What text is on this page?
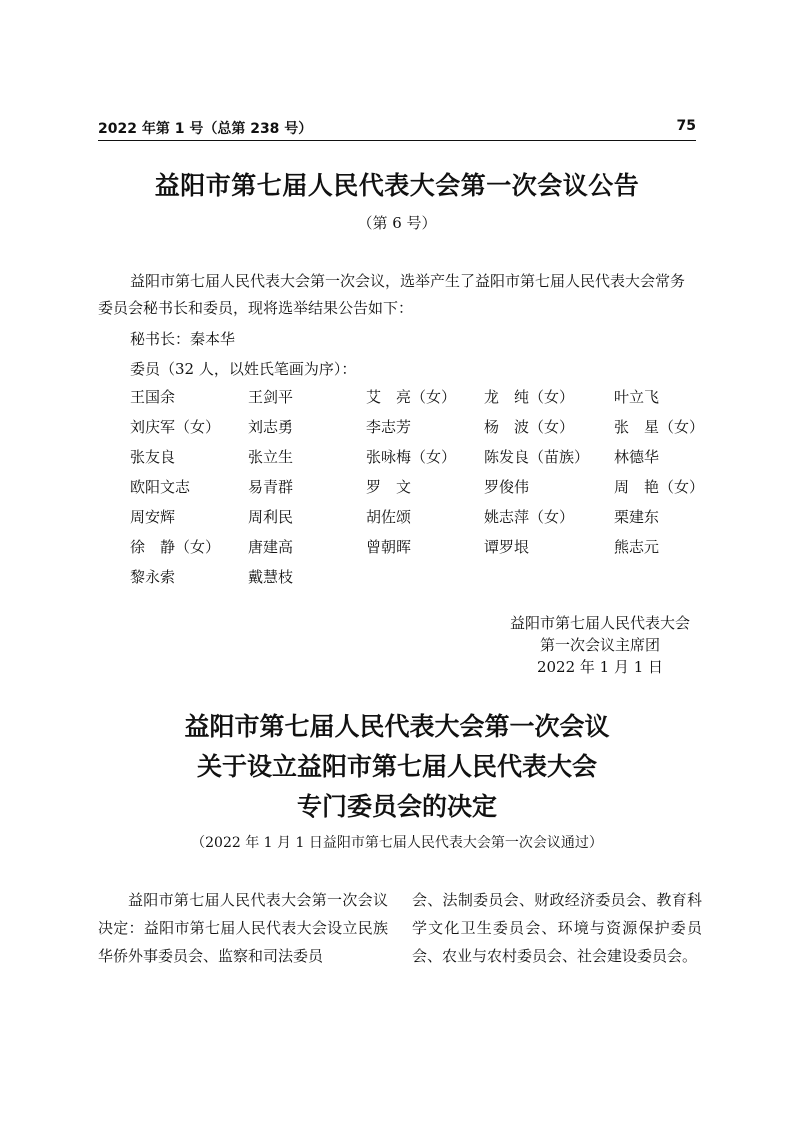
2022 年第 1 号（总第 238 号）	75
益阳市第七届人民代表大会第一次会议公告
（第 6 号）
益阳市第七届人民代表大会第一次会议，选举产生了益阳市第七届人民代表大会常务委员会秘书长和委员，现将选举结果公告如下：
秘书长：秦本华
委员（32 人，以姓氏笔画为序）：
王国余	王剑平	艾　亮（女）	龙　纯（女）	叶立飞
刘庆军（女）	刘志勇	李志芳	杨　波（女）	张　星（女）
张友良	张立生	张咏梅（女）	陈发良（苗族）	林德华
欧阳文志	易青群	罗　文	罗俊伟	周　艳（女）
周安辉	周利民	胡佐颂	姚志萍（女）	栗建东
徐　静（女）	唐建高	曾朝晖	谭罗垠	熊志元
黎永索	戴慧枝
益阳市第七届人民代表大会
第一次会议主席团
2022 年 1 月 1 日
益阳市第七届人民代表大会第一次会议
关于设立益阳市第七届人民代表大会
专门委员会的决定
（2022 年 1 月 1 日益阳市第七届人民代表大会第一次会议通过）
益阳市第七届人民代表大会第一次会议决定：益阳市第七届人民代表大会设立民族华侨外事委员会、监察和司法委员
会、法制委员会、财政经济委员会、教育科学文化卫生委员会、环境与资源保护委员会、农业与农村委员会、社会建设委员会。
